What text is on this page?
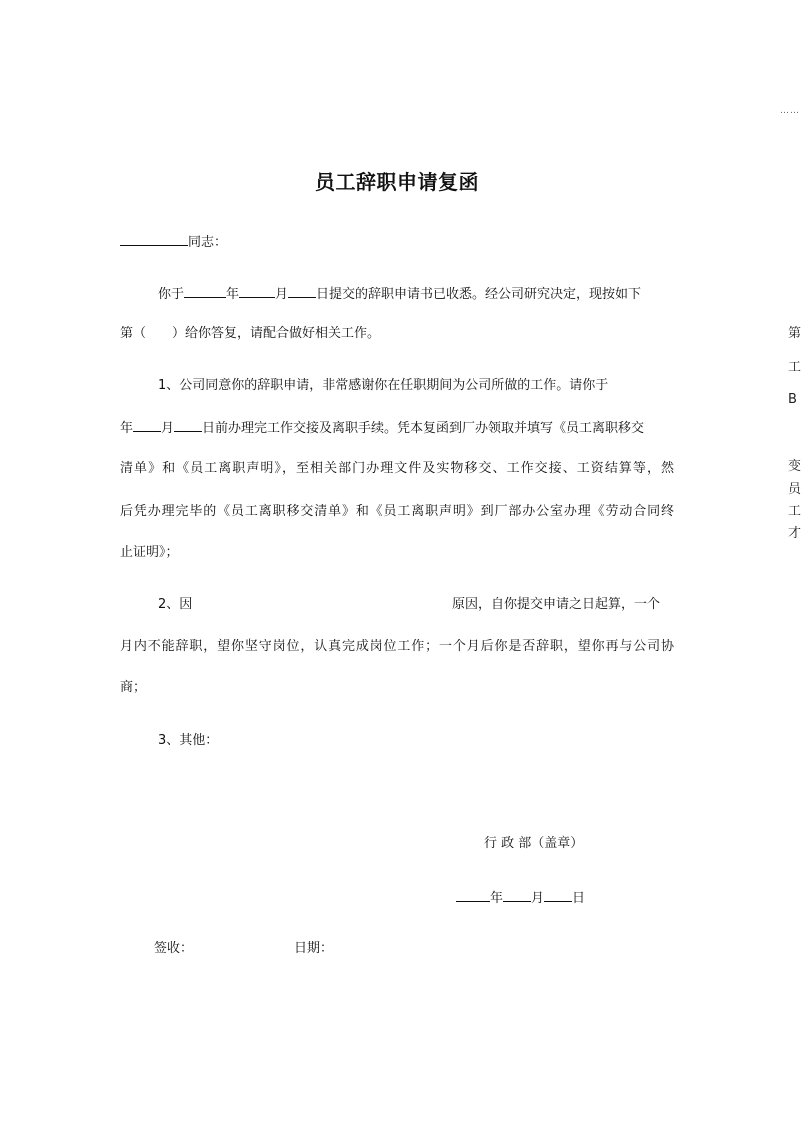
……
员工辞职申请复函
同志：
你于	年	月 日提交的辞职申请书已收悉。经公司研究决定，现按如下
第（ ）给你答复，请配合做好相关工作。
1、公司同意你的辞职申请，非常感谢你在任职期间为公司所做的工作。请你于
年 月 日前办理完工作交接及离职手续。凭本复函到厂办领取并填写《员工离职移交
清单》和《员工离职声明》，至相关部门办理文件及实物移交、工作交接、工资结算等，然
后凭办理完毕的《员工离职移交清单》和《员工离职声明》到厂部办公室办理《劳动合同终
止证明》；
2、因	原因，自你提交申请之日起算，一个
月内不能辞职，望你坚守岗位，认真完成岗位工作；一个月后你是否辞职，望你再与公司协
商；
3、其他：
行 政 部（盖章）
年 月 日
签收：	日期：
第
工
B
变
员
工
才
